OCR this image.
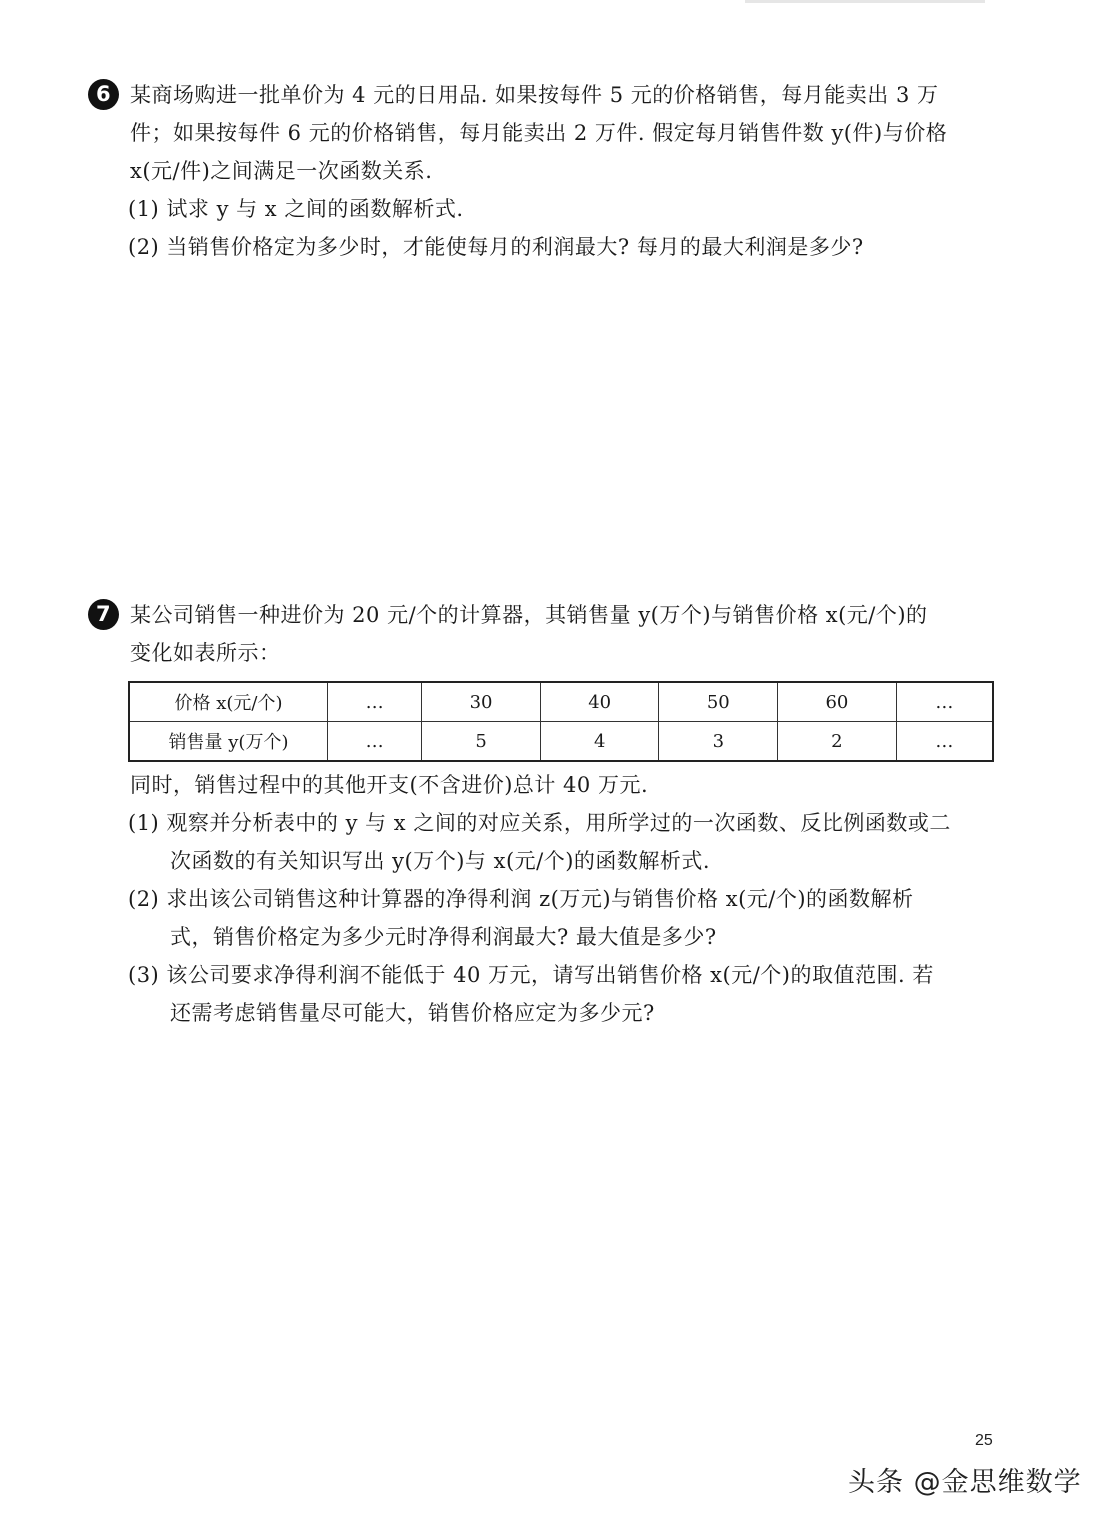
6 某商场购进一批单价为 4 元的日用品. 如果按每件 5 元的价格销售，每月能卖出 3 万
件；如果按每件 6 元的价格销售，每月能卖出 2 万件. 假定每月销售件数 y(件)与价格
x(元/件)之间满足一次函数关系.
(1) 试求 y 与 x 之间的函数解析式.
(2) 当销售价格定为多少时，才能使每月的利润最大? 每月的最大利润是多少?
7 某公司销售一种进价为 20 元/个的计算器，其销售量 y(万个)与销售价格 x(元/个)的
变化如表所示：
价格 x(元/个)	…	30	40	50	60	…
销售量 y(万个)	…	5	4	3	2	…
同时，销售过程中的其他开支(不含进价)总计 40 万元.
(1) 观察并分析表中的 y 与 x 之间的对应关系，用所学过的一次函数、反比例函数或二
次函数的有关知识写出 y(万个)与 x(元/个)的函数解析式.
(2) 求出该公司销售这种计算器的净得利润 z(万元)与销售价格 x(元/个)的函数解析
式，销售价格定为多少元时净得利润最大? 最大值是多少?
(3) 该公司要求净得利润不能低于 40 万元，请写出销售价格 x(元/个)的取值范围. 若
还需考虑销售量尽可能大，销售价格应定为多少元?
25
头条 @金思维数学
